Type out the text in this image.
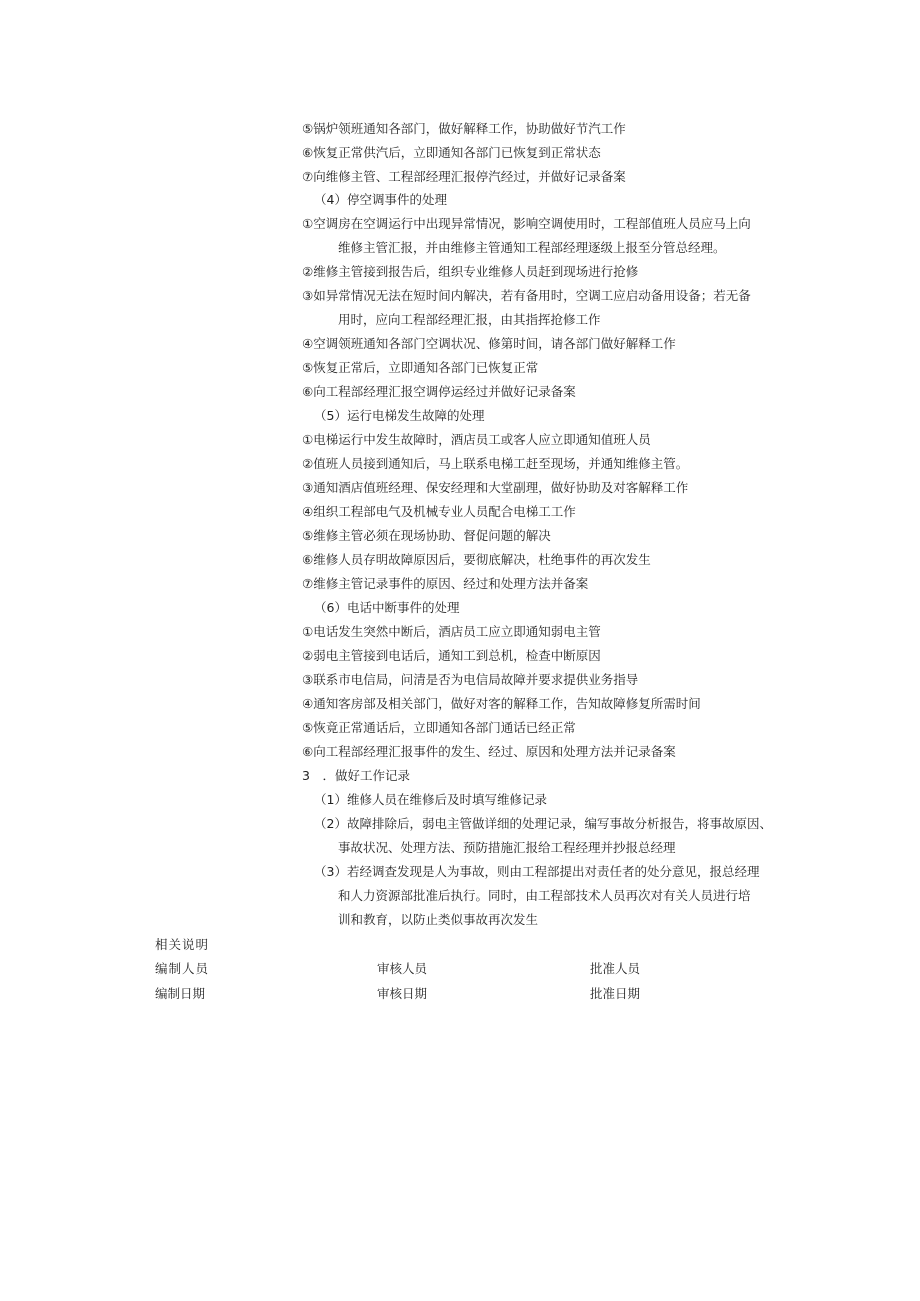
⑤锅炉领班通知各部门，做好解释工作，协助做好节汽工作
⑥恢复正常供汽后，立即通知各部门已恢复到正常状态
⑦向维修主管、工程部经理汇报停汽经过，并做好记录备案
（4）停空调事件的处理
①空调房在空调运行中出现异常情况，影响空调使用时，工程部值班人员应马上向
维修主管汇报，并由维修主管通知工程部经理逐级上报至分管总经理。
②维修主管接到报告后，组织专业维修人员赶到现场进行抢修
③如异常情况无法在短时间内解决，若有备用时，空调工应启动备用设备；若无备
用时，应向工程部经理汇报，由其指挥抢修工作
④空调领班通知各部门空调状况、修第时间，请各部门做好解释工作
⑤恢复正常后，立即通知各部门已恢复正常
⑥向工程部经理汇报空调停运经过并做好记录备案
（5）运行电梯发生故障的处理
①电梯运行中发生故障时，酒店员工或客人应立即通知值班人员
②值班人员接到通知后，马上联系电梯工赶至现场，并通知维修主管。
③通知酒店值班经理、保安经理和大堂副理，做好协助及对客解释工作
④组织工程部电气及机械专业人员配合电梯工工作
⑤维修主管必须在现场协助、督促问题的解决
⑥维修人员存明故障原因后，要彻底解决，杜绝事件的再次发生
⑦维修主管记录事件的原因、经过和处理方法并备案
（6）电话中断事件的处理
①电话发生突然中断后，酒店员工应立即通知弱电主管
②弱电主管接到电话后，通知工到总机，检查中断原因
③联系市电信局，问清是否为电信局故障并要求提供业务指导
④通知客房部及相关部门，做好对客的解释工作，告知故障修复所需时间
⑤恢竟正常通话后，立即通知各部门通话已经正常
⑥向工程部经理汇报事件的发生、经过、原因和处理方法并记录备案
3　．做好工作记录
（1）维修人员在维修后及时填写维修记录
（2）故障排除后，弱电主管做详细的处理记录，编写事故分析报告，将事故原因、
事故状况、处理方法、预防措施汇报给工程经理并抄报总经理
（3）若经调查发现是人为事故，则由工程部提出对责任者的处分意见，报总经理
和人力资源部批准后执行。同时，由工程部技术人员再次对有关人员进行培
训和教育，以防止类似事故再次发生
相关说明
编制人员	审核人员	批准人员
编制日期	审核日期	批准日期
